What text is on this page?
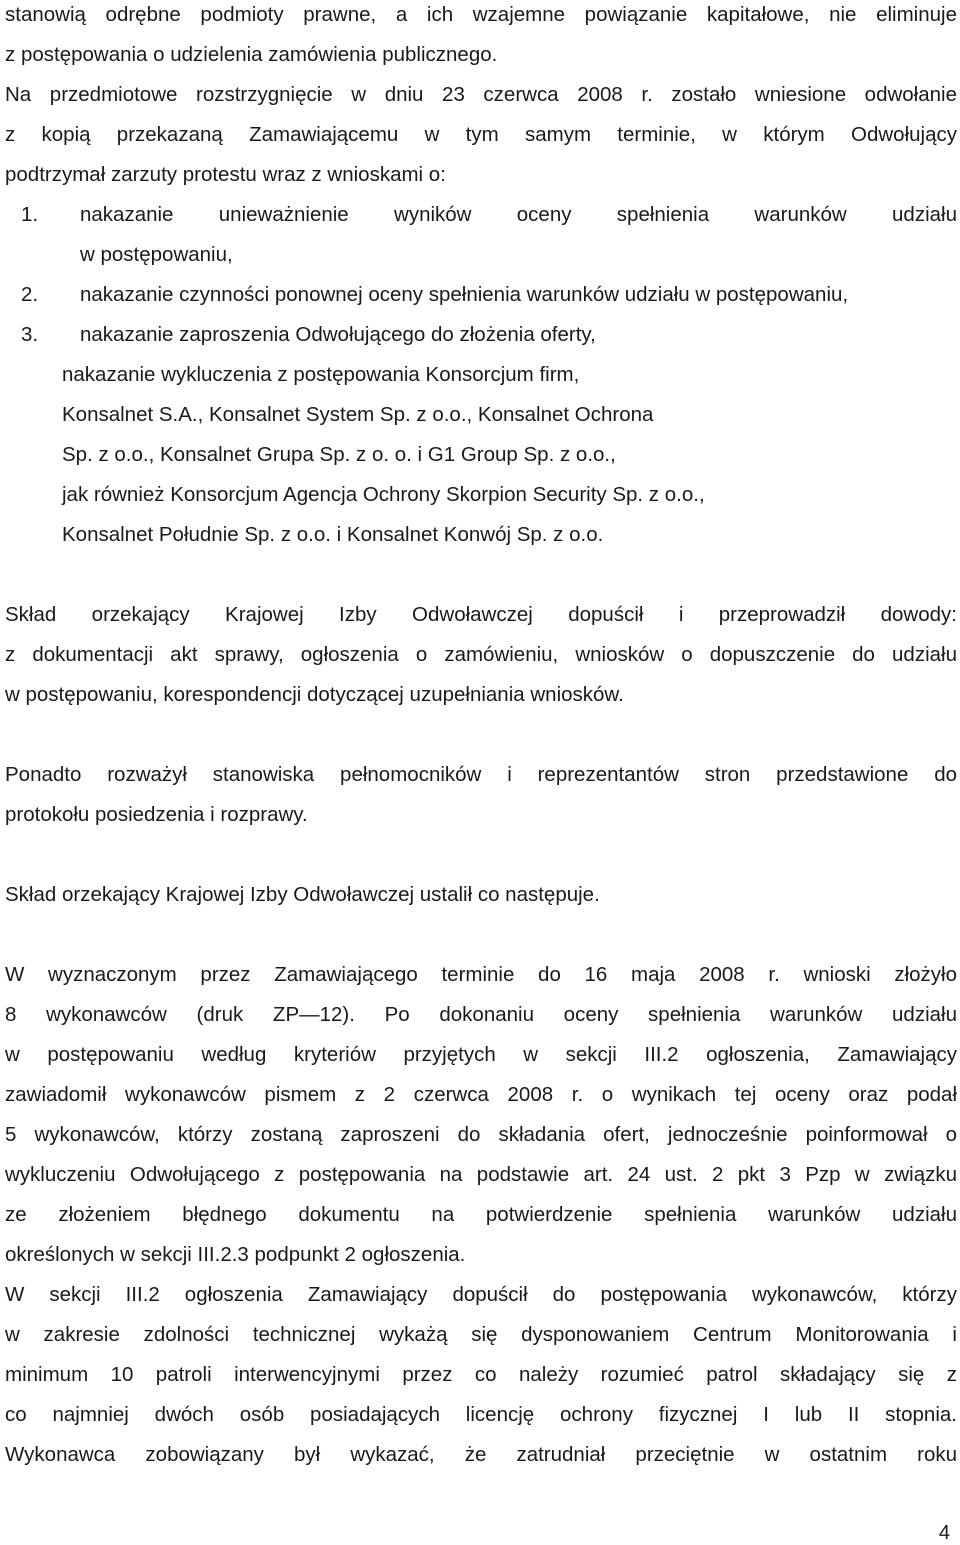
stanowią odrębne podmioty prawne, a ich wzajemne powiązanie kapitałowe, nie eliminuje
z postępowania o udzielenia zamówienia publicznego.
Na przedmiotowe rozstrzygnięcie w dniu 23 czerwca 2008 r. zostało wniesione odwołanie
z kopią przekazaną Zamawiającemu w tym samym terminie, w którym Odwołujący
podtrzymał zarzuty protestu wraz z wnioskami o:
1. nakazanie unieważnienie wyników oceny spełnienia warunków udziału
w postępowaniu,
2. nakazanie czynności ponownej oceny spełnienia warunków udziału w postępowaniu,
3. nakazanie zaproszenia Odwołującego do złożenia oferty,
nakazanie wykluczenia z postępowania Konsorcjum firm,
Konsalnet S.A., Konsalnet System Sp. z o.o., Konsalnet Ochrona
Sp. z o.o., Konsalnet Grupa Sp. z o. o. i G1 Group Sp. z o.o.,
jak również Konsorcjum Agencja Ochrony Skorpion Security Sp. z o.o.,
Konsalnet Południe Sp. z o.o. i Konsalnet Konwój Sp. z o.o.
Skład orzekający Krajowej Izby Odwoławczej dopuścił i przeprowadził dowody:
z dokumentacji akt sprawy, ogłoszenia o zamówieniu, wniosków o dopuszczenie do udziału
w postępowaniu, korespondencji dotyczącej uzupełniania wniosków.
Ponadto rozważył stanowiska pełnomocników i reprezentantów stron przedstawione do
protokołu posiedzenia i rozprawy.
Skład orzekający Krajowej Izby Odwoławczej ustalił co następuje.
W wyznaczonym przez Zamawiającego terminie do 16 maja 2008 r. wnioski złożyło
8 wykonawców (druk ZP—12). Po dokonaniu oceny spełnienia warunków udziału
w postępowaniu według kryteriów przyjętych w sekcji III.2 ogłoszenia, Zamawiający
zawiadomił wykonawców pismem z 2 czerwca 2008 r. o wynikach tej oceny oraz podał
5 wykonawców, którzy zostaną zaproszeni do składania ofert, jednocześnie poinformował o
wykluczeniu Odwołującego z postępowania na podstawie art. 24 ust. 2 pkt 3 Pzp w związku
ze złożeniem błędnego dokumentu na potwierdzenie spełnienia warunków udziału
określonych w sekcji III.2.3 podpunkt 2 ogłoszenia.
W sekcji III.2 ogłoszenia Zamawiający dopuścił do postępowania wykonawców, którzy
w zakresie zdolności technicznej wykażą się dysponowaniem Centrum Monitorowania i
minimum 10 patroli interwencyjnymi przez co należy rozumieć patrol składający się z
co najmniej dwóch osób posiadających licencję ochrony fizycznej I lub II stopnia.
Wykonawca zobowiązany był wykazać, że zatrudniał przeciętnie w ostatnim roku
4
